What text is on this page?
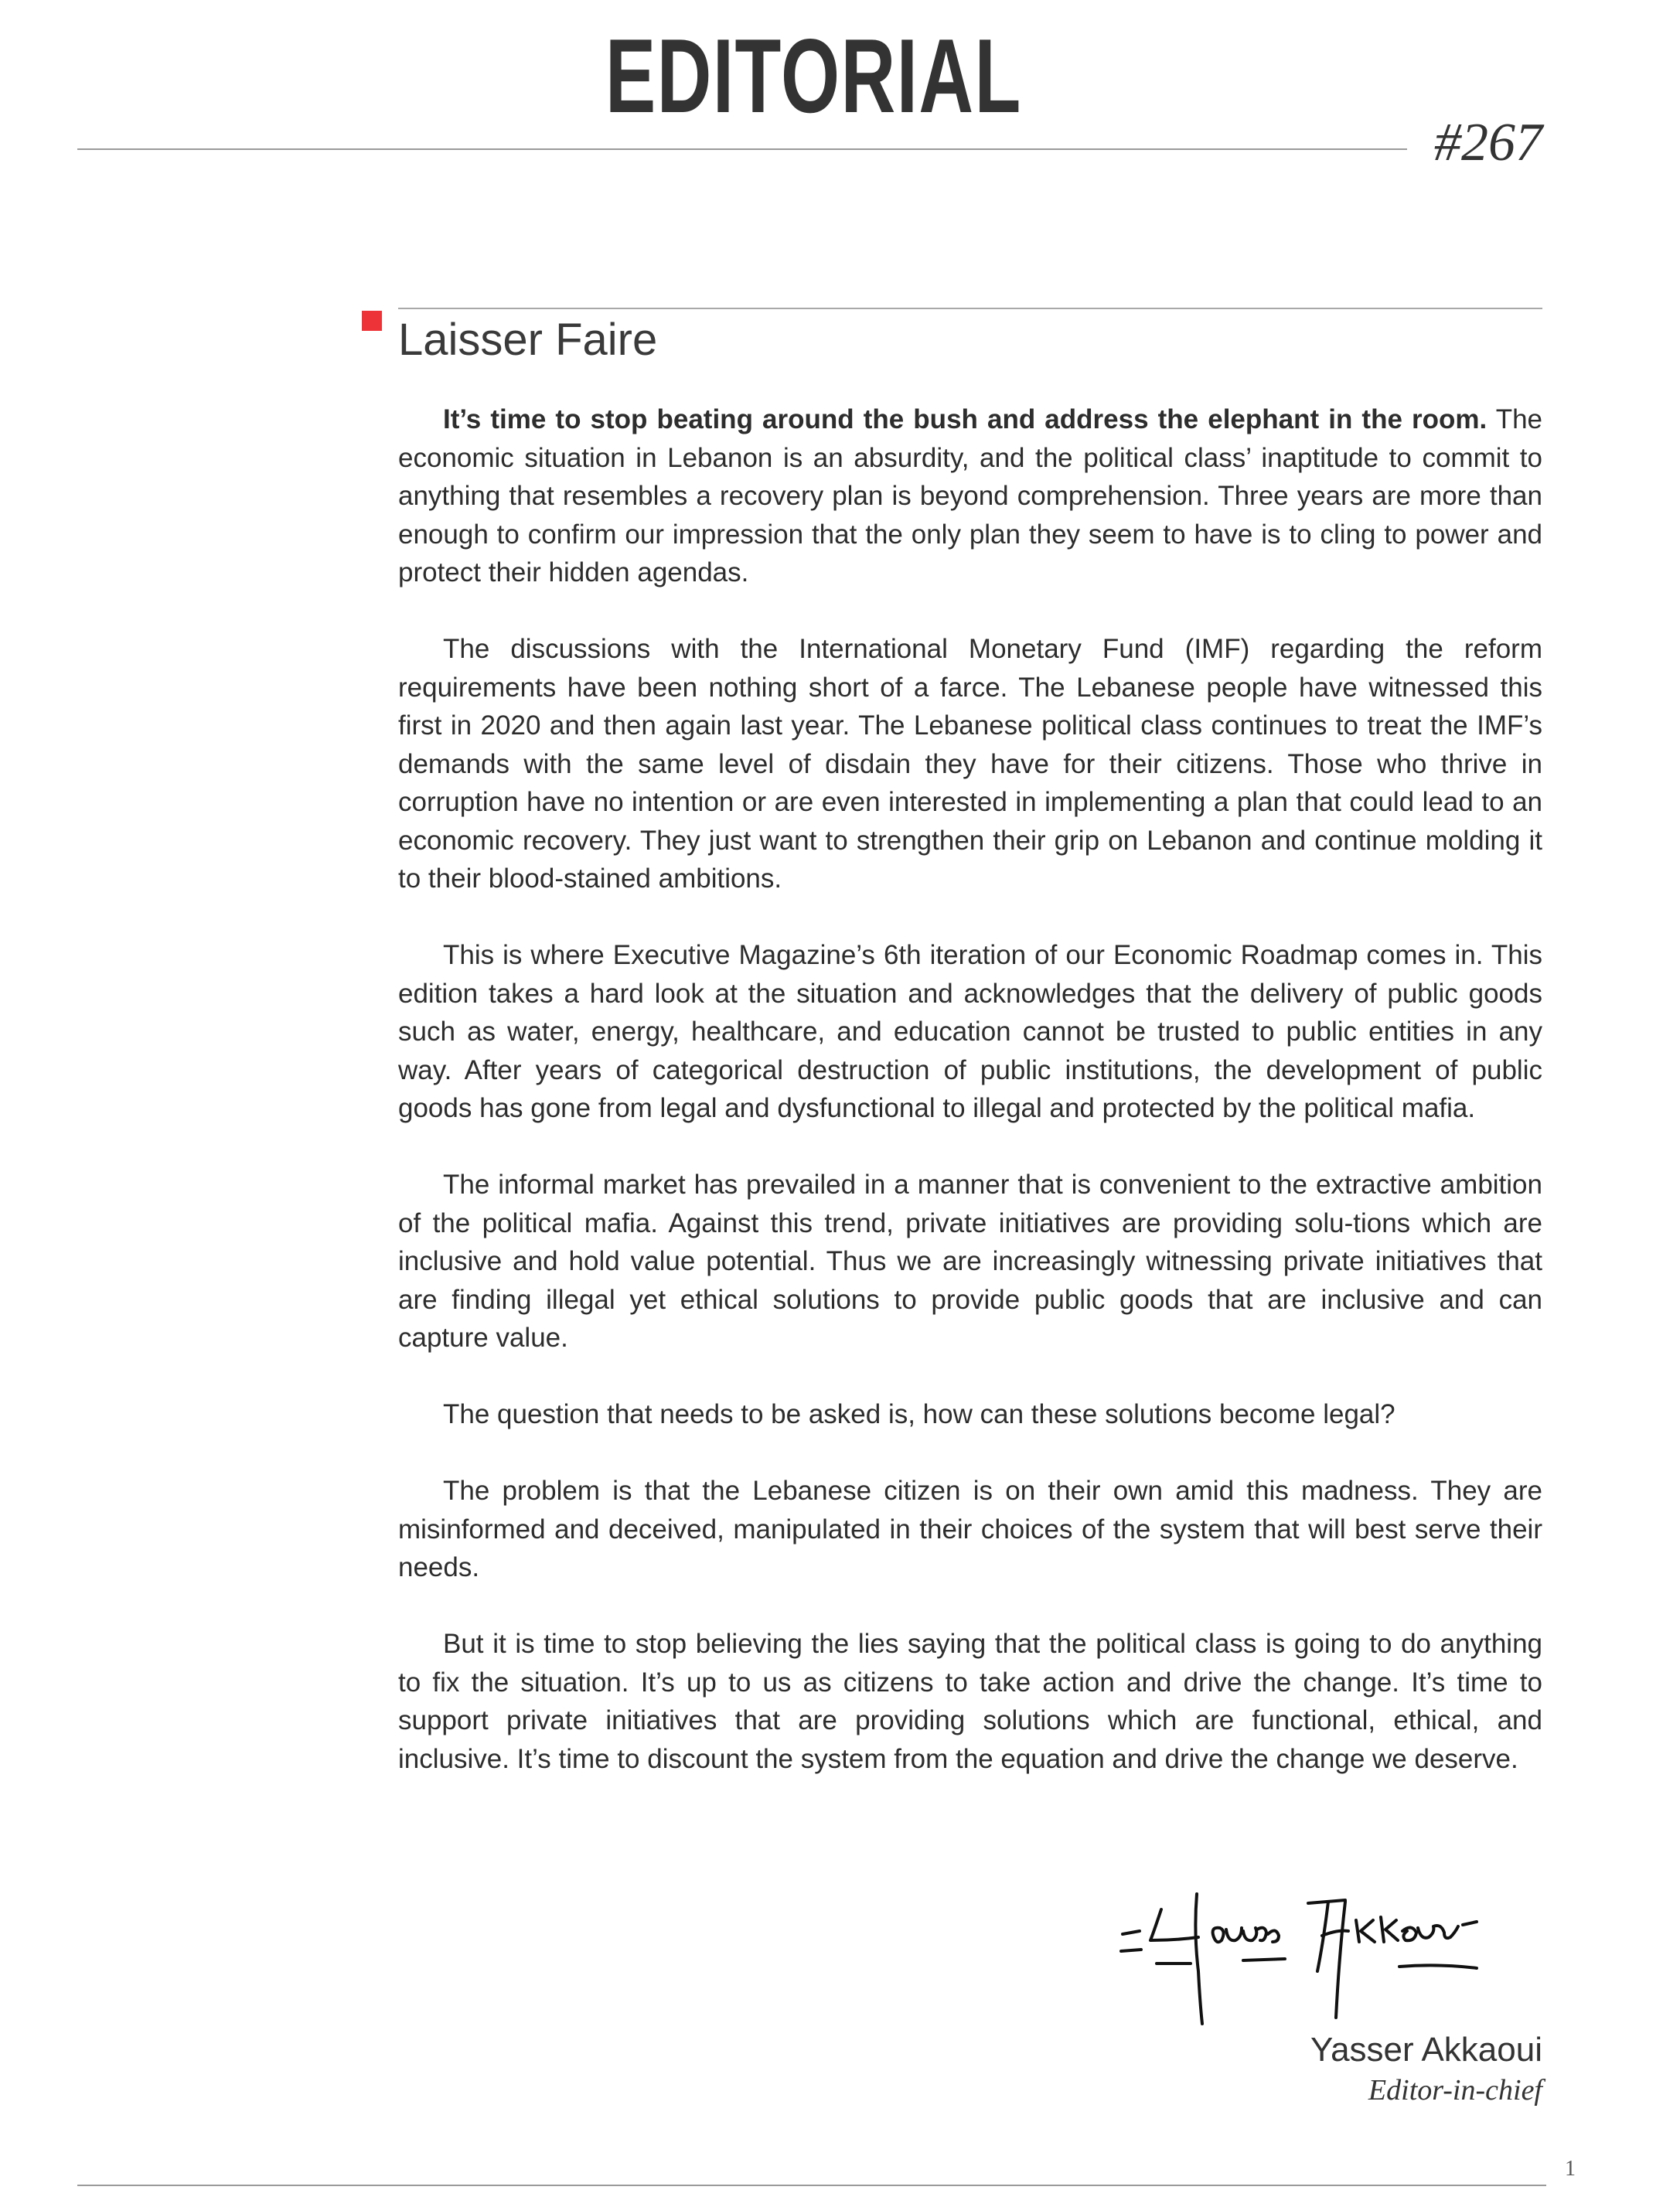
EDITORIAL
#267
Laisser Faire

It’s time to stop beating around the bush and address the elephant in the room. The economic situation in Lebanon is an absurdity, and the political class’ inaptitude to commit to anything that resembles a recovery plan is beyond comprehension. Three years are more than enough to confirm our impression that the only plan they seem to have is to cling to power and protect their hidden agendas.

The discussions with the International Monetary Fund (IMF) regarding the reform requirements have been nothing short of a farce. The Lebanese people have witnessed this first in 2020 and then again last year. The Lebanese political class continues to treat the IMF’s demands with the same level of disdain they have for their citizens. Those who thrive in corruption have no intention or are even interested in implementing a plan that could lead to an economic recovery. They just want to strengthen their grip on Lebanon and continue molding it to their blood-stained ambitions.

This is where Executive Magazine’s 6th iteration of our Economic Roadmap comes in. This edition takes a hard look at the situation and acknowledges that the delivery of public goods such as water, energy, healthcare, and education cannot be trusted to public entities in any way. After years of categorical destruction of public institutions, the development of public goods has gone from legal and dysfunctional to illegal and protected by the political mafia.

The informal market has prevailed in a manner that is convenient to the extractive ambition of the political mafia. Against this trend, private initiatives are providing solu-tions which are inclusive and hold value potential. Thus we are increasingly witnessing private initiatives that are finding illegal yet ethical solutions to provide public goods that are inclusive and can capture value.

The question that needs to be asked is, how can these solutions become legal?

The problem is that the Lebanese citizen is on their own amid this madness. They are misinformed and deceived, manipulated in their choices of the system that will best serve their needs.

But it is time to stop believing the lies saying that the political class is going to do anything to fix the situation. It’s up to us as citizens to take action and drive the change. It’s time to support private initiatives that are providing solutions which are functional, ethical, and inclusive. It’s time to discount the system from the equation and drive the change we deserve.

Yasser Akkaoui
Editor-in-chief
1
